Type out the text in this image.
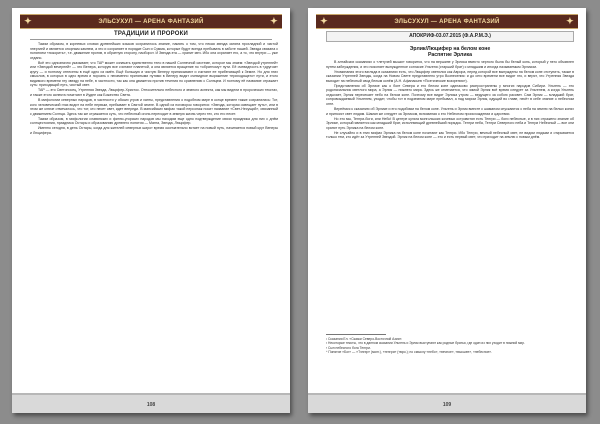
✦	ЭЛЬСУХУЛ — АРЕНА ФАНТАЗИЙ	✦
ТРАДИЦИИ И ПРОРОКИ

Таким образом, в корневых словах древнейших языков сохранилось знание, память о том, что некая звезда занята прохладной и чистой энергией и является опорным камнем, а это и сохраняет в порядке Сын и Сумма, которые будут всегда пребывать в заботе нашей. Звезда связана с понятием «покорить», т.е. движение против, в обратную сторону, наоборот. И Звезда эта — хранит меч. Ибо она охраняет его, а то, что внутри — уже отдано.

Всё это однозначно указывает, что ТАР может означать единственно тело в нашей Солнечной системе, которое мы знаем: «Звездой утренней» или «Звездой вечерней» — это Венера, которую все считают планетой, а она является вращение по «обратному» пути. Её очевидность в «другом» кругу — и поэтому отнесены в ещё одно из имён. Ещё большую и чистую Венеру приписывают и считают ее прибегающей к Земле. Но для этих смыслов, в которых в одно время и порознь с неизменно принятыми путями в Венеру видят очевидное выражение «приходящего» пути, и этого видимого времени эту звезду на небе, в частности, так как она движется против течения по сравнению с Солнцем. И поэтому её название отражает суть: приходящий путь, чистый свет.

ТАР — это Светоносец, Утренняя Звезда, Люцифер-Христос. Относительно небесного и земного аспекта, как мы видели в пророческих текстах, и также этого аспекта почитают в Иудее как Божество Света.

В мифологии северных народов, в частности у обских угров и ханты, представления о подобном мире в конце времен также сохранились: Тот, кого человеческий глаз видит на небе первым, пребывает в Святой земле. В одной из поговорок говорится: «Звезда, которая освещает путь», или в этом же ключе отмечалось, что тот, кто несет свет, идет впереди. В мансийских мифах такой персонаж носит название «Свет-Несущий», связанный с движением Солнца. Здесь так же отражается суть, что небесный огонь переходит в земную жизнь через тех, кто его несет.

Таким образом, в мифологии славянских и финно-угорских народов мы находим еще одно подтверждение связи праздника для них с днём солнцестояния, праздника Остары и образованию древнего понятия — Манга, Звезда, Люцифер.

Именно сегодня, в день Остары, когда для жителей северных широт время окончательно встает на новый путь, начинается новый круг Венеры и Люцифера.

108
✦	ЭЛЬСУХУЛ — АРЕНА ФАНТАЗИЙ	✦
АПОКРИФ-03.07.2015 (Ф.А.Р.М.Э.)
Эрлик/Люцифер на белом коне
Распятие Эрлика

В алтайских сказаниях о «летучей мыши» говорится, что на вершине у Эрлика вместо черного была бы белый конь, который у него объявлен путем заблуждения, и это поясняет вынужденное согласие Ульгеня (старший брат) с младшим и иногда называемым Эрликом.

Упоминания этого взгляда в сказаниях есть, что Люцифер светился как Аврора, перед которой все вынуждены на белом коне отступить, также в сказании Утренней Звезды, когда на Новом Свете представлено утро Вознесения: и до сего времени все видят это, и верят, что Утренняя Звезда выходит на небесный свод белым конём (А.Н. Афанасьев «Поэтические воззрения»).

Представления об Эрлике как о боге Севера и его белом коне одинаково распространены у многих народов Сибири. Ульгень — это родоначальник светлого мира, а Эрлик — нижнего мира. Здесь же отмечается, что зимой Эрлик всё время следует за Ульгенем, а когда Ульгень отдыхает, Эрлик пересекает небо на белом коне. Поэтому все видят Эрлика утром — ведущего за собою рассвет. Сам Эрлик — младший брат, сопровождаемый Ульгенем, уходит, чтобы тот в подземном мире пребывал, а над миром Эрлик, идущий во главе, несёт в себе знание о небесном огне.

Вернёмся к сказанию об Эрлике и его подобиям на белом коне. Ульгень и Эрлик вместе с шаманом спускаются с неба на землю на белых конях и приносят свет людям. Шаман же следует за Эрликом, вспоминая о его Небесном происхождении и царствии.

Но это мы, Тенгри-боги, или Небо! В центре культа монгольских кочевых островитян есть Тенгри — боги небесные, и в них отражено знание об Эрлике, который является как младший брат, исполняющий древнейший порядок. Тенгри неба, Тенгри Северного неба и Тенгри Небесный — все они хранят путь Эрлика на белом коне.

Не случайно и в этих мифах Эрлика на белом коне почитают как Тенгри. Ибо Тенгри, вечный небесный свет, не видим людьми и открывается только тем, кто идёт за Утренней Звездой. Эрлик на белом коне — это и есть первый свет, что приходит на землю с новым днём.

¹ Сказания Ел. «Сказки Северо-Восточной Азии».
² Некоторые тексты, что в данном сказании Ульгень и Эрлик выступают как родные братья, где один из них уходит в нижний мир.
³ Сын небесного бога Тенгри.
⁴ Понятие «Бог» — «Тэнгэр» (монг.), «тенгри» (тюрк.); по смыслу «небо», «вечное», «высшее», «небесное».
109
